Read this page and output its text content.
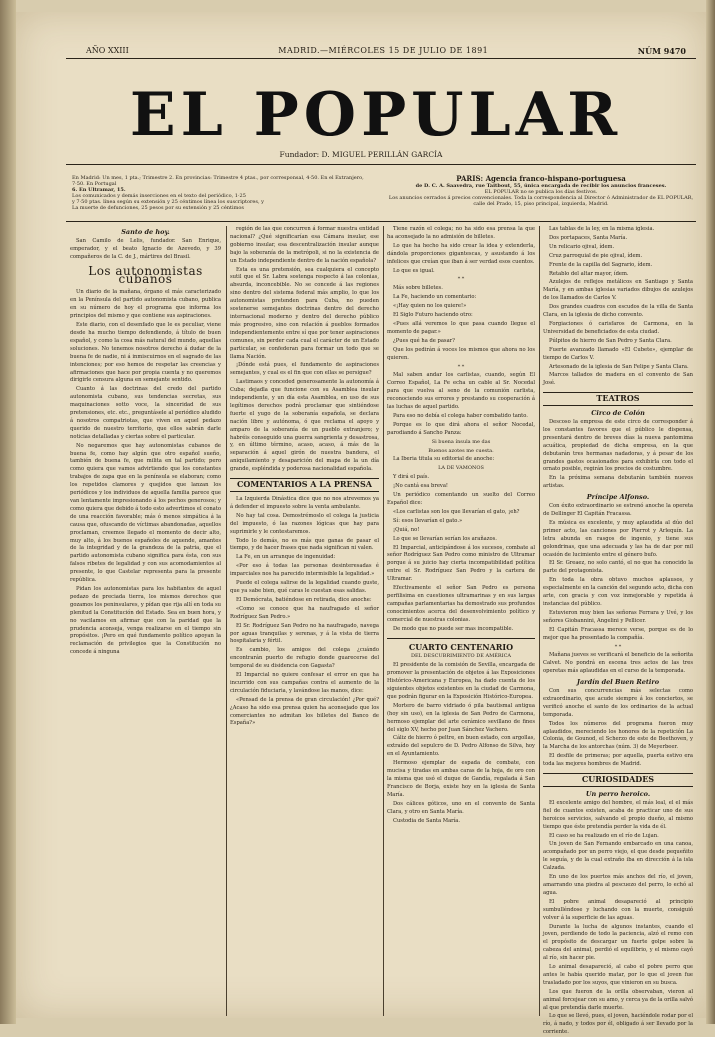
AÑO XXIII	MADRID.—MIÉRCOLES 15 DE JULIO DE 1891	NÚM 9470
EL POPULAR
Fundador: D. MIGUEL PERILLÁN GARCÍA
En Madrid: Un mes, 1 pta.; Trimestre 2. En provincias: Trimestre 4 ptas., por corresponsal, 4·50. En el Extranjero, 7·50. En Portugal
6. En Ultramar, 15.
Los comunicados y demás inserciones en el texto del periódico, 1·25
y 7·50 ptas. línea según su extensión y 25 céntimos línea los suscriptores, y
La muerte de defunciones, 25 pesos por su extensión y 25 céntimos
PARIS: Agencia franco-hispano-portuguesa
de D. C. A. Saavedra, rue Taitbout, 55, única encargada de recibir los anuncios franceses.
EL POPULAR no se publica los días festivos.
Los anuncios cerrados á precios convencionales. Toda la correspondencia al Director ó Administrador de EL POPULAR, calle del Prado, 15, piso principal, izquierda, Madrid.
Santo de hoy.

San Camilo de Lelis, fundador. San Enrique, emperador, y el beato Ignacio de Azevedo, y 39 compañeros de la C. de J., mártires del Brasil.

Los autonomistas cubanos

Un diario de la mañana, órgano el más caracterizado en la Península del partido autonomista cubano, publica en su número de hoy el programa que informa los principios del mismo y que contiene sus aspiraciones.

Este diario, con el desenfado que le es peculiar, viene desde ha mucho tiempo defendiendo, á título de buen español, y como la cosa más natural del mundo, aquellas soluciones. No tenemos nosotros derecho á dudar de la buena fe de nadie, ni á inmiscuirnos en el sagrado de las intenciones; por eso hemos de respetar las creencias y afirmaciones que hace por propia cuenta y no queremos dirigirle censura alguna en semejante sentido.

Cuanto á las doctrinas del credo del partido autonomista cubano, sus tendencias secretas, sus maquinaciones sotto voce, la sinceridad de sus pretensiones, etc. etc., preguntásele al periódico aludido á nosotros compatriotas, que viven en aquel pedazo querido de nuestro territorio, que ellos sabrán darle noticias detalladas y ciertas sobre el particular.

No negaremos que hay autonomistas cubanos de buena fe, como hay algún que otro español sueño, también de buena fe, que milita en tal partido; pero como quiera que vamos advirtiendo que los constantes trabajos de zapa que en la península se elaboran; como los repetidos clamores y quejidos que lanzan los periódicos y los individuos de aquella familia parece que van lentamente impresionando á los pechos generosos; y como quiera que debido á todo esto advertimos el conato de una reacción favorable; más ó menos simpática á la causa que, ofuscando de víctimas abandonadas, aquellos proclaman, creemos llegado el momento de decir alto, muy alto, á los buenos españoles de aquende, amantes de la integridad y de la grandeza de la patria, que el partido autonomista cubano significa para ésta, con sus falsos ribetes de legalidad y con sus acomodamientos al presente, lo que Castelar representa para la presente república.

Pidan los autonomistas para los habitantes de aquel pedazo de preciada tierra, los mismos derechos que gozamos los peninsulares, y pídan que rija allí en toda su plenitud la Constitución del Estado. Sea en buen hora, y no vacilamos en afirmar que con la paridad que la prudencia aconseja, venga realizarse en el tiempo sin propósitos. ¡Pero en qué fundamento político apoyan la reclamación de privilegios que la Constitución no concede á ninguna

región de las que concurren á formar nuestra entidad nacional? ¿Qué significarían esa Cámara insular, ese gobierno insular, esa descentralización insular aunque bajo la soberanía de la metrópoli, si no la existencia de un Estado independiente dentro de la nación española?

Esta es una pretensión, sea cualquiera el concepto sutil que el Sr. Labra sostenga respecto á las colonias, absurda, inconcebible. No se concede á las regiones sino dentro del sistema federal más amplio, lo que los autonomistas pretenden para Cuba, no pueden sostenerse semejantes doctrinas dentro del derecho internacional moderno y dentro del derecho público más progresivo, sino con relación á pueblos formados independientemente entre sí que por tener aspiraciones comunes, sin perder cada cual el carácter de un Estado particular, se confederan para formar un todo que se llama Nación.

¡Dónde está pues, el fundamento de aspiraciones semejantes, y cual es el fin que con ellas se persigue?

Lastimaos y conceded generosamente la autonomía á Cuba; dejadla que funcione con su Asamblea insular independiente, y un día esta Asamblea, en uso de sus legítimos derechos podrá proclamar que sintiéndose fuerte el yugo de la soberanía española, se declara nación libre y autónoma, ó que reclama el apoyo y amparo de la soberanía de un pueblo extranjero; y habréis conseguido una guerra sangrienta y desastrosa, y, en último término, acaso, acaso, á más de la separación á aquel girón de nuestra bandera, el aniquilamiento y desaparición del mapa de la un día grande, espléndida y poderosa nacionalidad española.

COMENTARIOS A LA PRENSA

La Izquierda Dinástica dice que no nos atrevemos ya á defender el impuesto sobre la venta ambulante.

No hay tal cosa. Demostrémoslo el colega la justicia del impuesto, ó las razones lógicas que hay para suprimirle y le contestaremos.

Todo lo demás, no es más que ganas de pasar el tiempo, y de hacer frases que nada significan ni valen.

La Fe, en un arranque de ingenuidad:

«Por eso á todas las personas desinteresadas é imparciales nos ha parecido intermisible la legalidad.»

Puede el colega salirse de la legalidad cuando guste, que ya sabe bien, qué caras le cuestan esas salidas.

El Demócrata, batiéndose en retirada, dice anoche:

«Como se conoce que ha naufragado el señor Rodríguez San Pedro.»

El Sr. Rodríguez San Pedro no ha naufragado, navega por aguas tranquilas y serenas, y á la vista de tierra hospitalaria y fértil.

Es cambio, los amigos del colega ¿cuándo encontrarán puerto de refugio donde guarecerse del temporal de su disidencia con Gagasta?

El Imparcial no quiere confesar el error en que ha incurrido con sus campañas contra el aumento de la circulación fiduciaria, y lavándose las manos, dice:

«Pensad de la prensa de gran circulación! ¿Por qué? ¿Acaso ha sido esa prensa quien ha aconsejado que los comerciantes no admitan los billetes del Banco de España?»

Tiene razón el colega; no ha sido esa prensa la que ha aconsejado la no admisión de billetes.

Lo que ha hecho ha sido crear la idea y extenderla, dándola proporciones gigantescas, y asustando á los infelices que creían que iban á ser verdad esos cuentos.

Lo que es igual.

* *

Más sobre billetes.

La Fe, haciendo un comentario:

«¡Hay quien no los quiere!»

El Siglo Futuro haciendo otro:

«Pues allá veremos lo que pasa cuando llegue el momento de pagar.»

¿Pues qué ha de pasar?

Que los pedirán á voces los mismos que ahora no los quieren.

* *

Mal saben andar los carlistas, cuando, según El Correo Español, La Fe echa un cable al Sr. Nocedal para que vuelva al seno de la comunión carlista, reconociendo sus errores y prestando su cooperación á las luchas de aquel partido.

Para eso no debía el colega haber combatido tanto.

Porque es lo que dirá ahora el señor Nocedal, parodiando á Sancho Panza:

Si buena ínsula me das
Buenos azotes me cuesta.

La Iberia titula su editorial de anoche:

LA DE VAMONOS

Y dirá el país.

¡No cantá esa breva!

Un periódico comentando un suelto del Correo Español dice:

«Los carlistas son los que llevarían el gato, ¡eh?

Sí: esos llevarían el gato.»

¡Quiá, no!

Lo que se llevarían serían los arañazos.

El Imparcial, anticipándose á los sucesos, combate al señor Rodríguez San Pedro como ministro de Ultramar porque á su juicio hay cierta incompatibilidad política entre el Sr. Rodríguez San Pedro y la cartera de Ultramar.

Efectivamente el señor San Pedro es persona perfilisima en cuestiones ultramarinas y en sus largas campañas parlamentarias ha demostrado sus profundos conocimientos acerca del desenvolvimiento político y comercial de nuestras colonias.

De modo que no puede ser mas incompatible.

CUARTO CENTENARIO
DEL DESCUBRIMIENTO DE AMÉRICA

El presidente de la comisión de Sevilla, encargada de promover la presentación de objetos á las Exposiciones Histórico-Americana y Europea, ha dado cuenta de los siguientes objetos existentes en la ciudad de Carmona, que podrán figurar en la Exposición Histórico-Europea.

Mortero de barro vidriado ó pila bautismal antigua (hoy sin uso), en la iglesia de San Pedro de Carmona, hermoso ejemplar del arte cerámico sevillano de fines del siglo XV, hecho por Juan Sánchez Vachero.

Cáliz de hierro ó peltre, en buen estado, con argollas, extraído del sepulcro de D. Pedro Alfonso de Silva, hoy en el Ayuntamiento.

Hermoso ejemplar de espada de combate, con mucisa y tiradas en ambas caras de la hoja, de oro con la misma que usó el duque de Gandía, regalada á San Francisco de Borja, existe hoy en la iglesia de Santa María.

Dos cálices góticos, uno en el convento de Santa Clara, y otro en Santa María.

Custodia de Santa María.

Las tablas de la ley, en la misma iglesia.

Dos portapaces, Santa María.

Un relicario ojival, ídem.

Cruz parroquial de pie ojival, ídem.

Frente de la capilla del Sagrario, ídem.

Retablo del altar mayor, ídem.

Azulejos de reflejos metálicos en Santiago y Santa María, y en ambas iglesias variados dibujos de azulejos de los llamados de Carlos V.

Dos grandes cuadros con escudos de la villa de Santa Clara, en la iglesia de dicho convento.

Forgiaciones ó carisfaros de Carmona, en la Universidad de beneficiados de esta ciudad.

Púlpitos de hierro de San Pedro y Santa Clara.

Fuerte avanzado llamado «El Cubete», ejemplar de tiempo de Carlos V.

Artesonado de la iglesia de San Felipe y Santa Clara.

Marcos tallados de madera en el convento de San José.

TEATROS
Circo de Colón

Descoso la empresa de este circo de corresponder á los constantes favores que el público le dispensa, presentará dentro de breves días la nueva pantomima acuática, propiedad de dicha empresa, en la que debutarán tres hermanas nadadoras, y á pesar de los grandes gastos ocasionados para exhibirla con todo el ornato posible, regirán los precios de costumbre.

En la próxima semana debutarán también nuevos artistas.

Príncipe Alfonso.

Con éxito extraordinario se estrenó anoche la opereta de Dellinger El Capitán Fracassa.

Es música es excelente, y muy aplaudida al dúo del primer acto, las canciones por Pierrot y Arlequín. La letra abunda en rasgos de ingenio, y tiene sus golondrinas, que una adecuada y las ha de dar por mil ocasión de lucimiento entre el género bufo.

El Sr. Greaez, no solo cantó, el no que ha conocido la parte del protagonista.

En toda la obra obtuvo muchos aplausos, y especialmente en la canción del segundo acto, dicha con arte, con gracia y con voz inmejorable y repetida á instancias del público.

Estuvieron muy bien las señoras Ferrara y Uvé, y los señores Giobannini, Angelini y Pellicer.

El Capitán Fracassa merece verse, porque es de lo mejor que ha presentado la compañía.

* *

Mañana jueves se verificará el beneficio de la señorita Calvet. No pondrá en escena tres actos de las tres operetas más aplaudidas en el curso de la temporada.

Jardín del Buen Retiro

Con sus concurrencias más selectas como extraordinario, que acude siempre á los conciertos, se verificó anoche el santo de los ordinarios de la actual temporada.

Todos los números del programa fueron muy aplaudidos, mereciendo los honores de la repetición La Colonia, de Gounod, el Scherzo de este de Beethoven, y la Marcha de los antorchas (núm. 3) de Meyerbeer.

El desfile de primeras; por aquella, puerta estivo era toda las mejores hombres de Madrid.

CURIOSIDADES
Un perro heroico.

El excelente amigo del hombre, el más leal, el el más fiel de cuantos existen, acaba de practicar uno de sus heroicos servicios, salvando el propio dueño, al mismo tiempo que éste pretendía perder la vida de él.

El caso se ha realizado en el río de Lujan.

Un joven de San Fernando embarcado en una canoa, acompañado por un perro viejo, el que desde pequeñito le seguía, y de la cual extraño iba en dirección á la isla Calzada.

En uno de los puertos más anchos del río, el joven, amarrando una piedra al pescuezo del perro, lo echó al agua.

El pobre animal desapareció al principio sumbulléndose y luchando con la muerte, consiguió volver á la superficie de las aguas.

Durante la lucha de algunos instantes, cuando el joven, perdiendo de todo la paciencia, alzó el remo con el propósito de descargar un fuerte golpe sobre la cabeza del animal, perdió el equilibrio, y el mismo cayó al río, sin hacer pie.

Lo animal desapareció, al cabo el pobre perro que antes le había querido matar, por lo que el joven fue trasladado por los suyos, que vinieron en su busca.

Los que fueron de la orilla observaban, vieron al animal forcejear con su amo, y cerca ya de la orilla salvó al que pretendía darle muerte.

Lo que se llevó, pues, el joven, haciéndole rodar por el río, á nado, y todos por él, obligado á ser llevado por la corriente.
